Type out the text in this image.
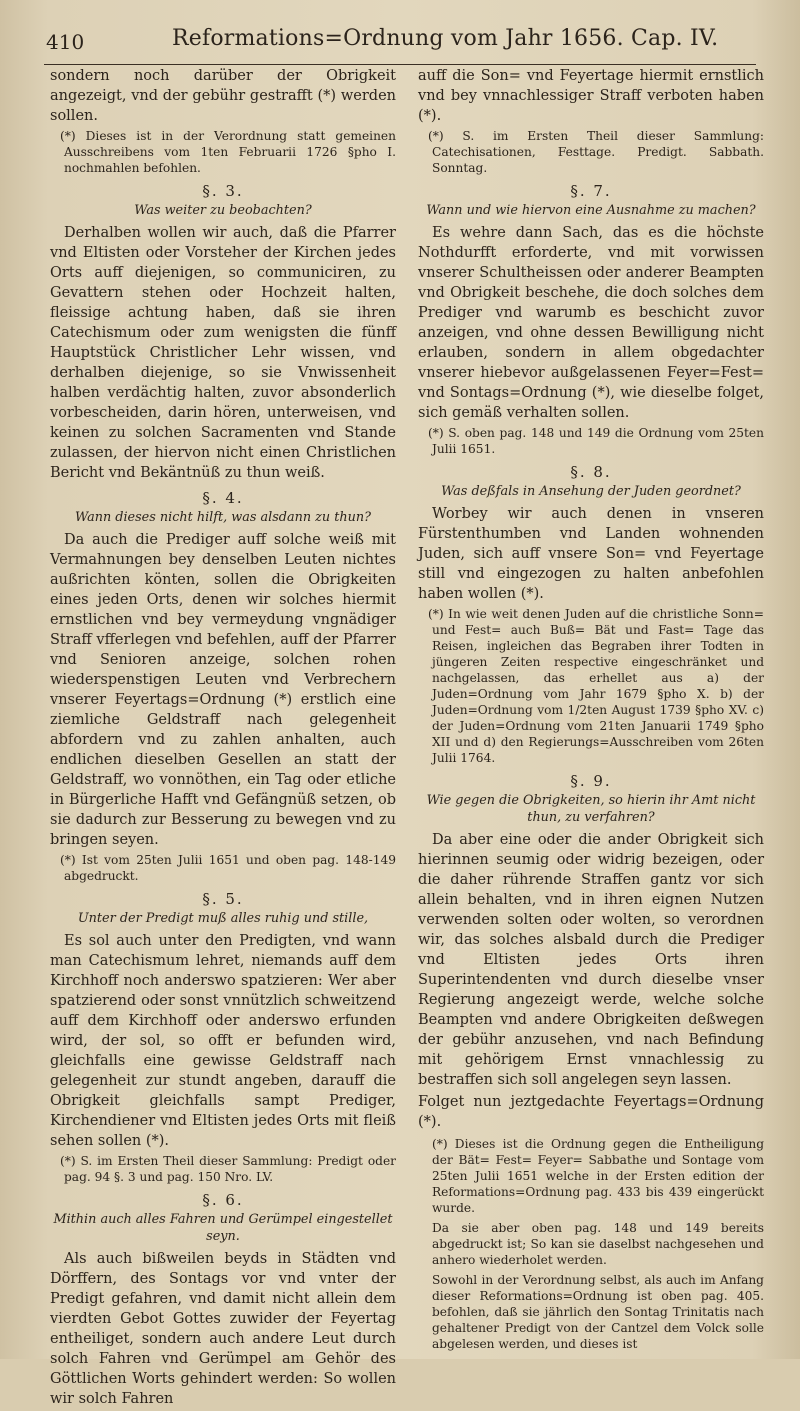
410	Reformations=Ordnung vom Jahr 1656. Cap. IV.
sondern noch darüber der Obrigkeit angezeigt, vnd der gebühr gestrafft (*) werden sollen.
(*) Dieses ist in der Verordnung statt gemeinen Ausschreibens vom 1ten Februarii 1726 §pho I. nochmahlen befohlen.
§. 3.
Was weiter zu beobachten?
Derhalben wollen wir auch, daß die Pfarrer vnd Eltisten oder Vorsteher der Kirchen jedes Orts auff diejenigen, so communiciren, zu Gevattern stehen oder Hochzeit halten, fleissige achtung haben, daß sie ihren Catechismum oder zum wenigsten die fünff Hauptstück Christlicher Lehr wissen, vnd derhalben diejenige, so sie Vnwissenheit halben verdächtig halten, zuvor absonderlich vorbescheiden, darin hören, unterweisen, vnd keinen zu solchen Sacramenten vnd Stande zulassen, der hiervon nicht einen Christlichen Bericht vnd Bekäntnüß zu thun weiß.
§. 4.
Wann dieses nicht hilft, was alsdann zu thun?
Da auch die Prediger auff solche weiß mit Vermahnungen bey denselben Leuten nichtes außrichten könten, sollen die Obrigkeiten eines jeden Orts, denen wir solches hiermit ernstlichen vnd bey vermeydung vngnädiger Straff vfferlegen vnd befehlen, auff der Pfarrer vnd Senioren anzeige, solchen rohen wiederspenstigen Leuten vnd Verbrechern vnserer Feyertags=Ordnung (*) erstlich eine ziemliche Geldstraff nach gelegenheit abfordern vnd zu zahlen anhalten, auch endlichen dieselben Gesellen an statt der Geldstraff, wo vonnöthen, ein Tag oder etliche in Bürgerliche Hafft vnd Gefängnüß setzen, ob sie dadurch zur Besserung zu bewegen vnd zu bringen seyen.
(*) Ist vom 25ten Julii 1651 und oben pag. 148-149 abgedruckt.
§. 5.
Unter der Predigt muß alles ruhig und stille,
Es sol auch unter den Predigten, vnd wann man Catechismum lehret, niemands auff dem Kirchhoff noch anderswo spatzieren: Wer aber spatzierend oder sonst vnnützlich schweitzend auff dem Kirchhoff oder anderswo erfunden wird, der sol, so offt er befunden wird, gleichfalls eine gewisse Geldstraff nach gelegenheit zur stundt angeben, darauff die Obrigkeit gleichfalls sampt Prediger, Kirchendiener vnd Eltisten jedes Orts mit fleiß sehen sollen (*).
(*) S. im Ersten Theil dieser Sammlung: Predigt oder pag. 94 §. 3 und pag. 150 Nro. LV.
§. 6.
Mithin auch alles Fahren und Gerümpel eingestellet seyn.
Als auch bißweilen beyds in Städten vnd Dörffern, des Sontags vor vnd vnter der Predigt gefahren, vnd damit nicht allein dem vierdten Gebot Gottes zuwider der Feyertag entheiliget, sondern auch andere Leut durch solch Fahren vnd Gerümpel am Gehör des Göttlichen Worts gehindert werden: So wollen wir solch Fahren
auff die Son= vnd Feyertage hiermit ernstlich vnd bey vnnachlessiger Straff verboten haben (*).
(*) S. im Ersten Theil dieser Sammlung: Catechisationen, Festtage. Predigt. Sabbath. Sonntag.
§. 7.
Wann und wie hiervon eine Ausnahme zu machen?
Es wehre dann Sach, das es die höchste Nothdurfft erforderte, vnd mit vorwissen vnserer Schultheissen oder anderer Beampten vnd Obrigkeit beschehe, die doch solches dem Prediger vnd warumb es beschicht zuvor anzeigen, vnd ohne dessen Bewilligung nicht erlauben, sondern in allem obgedachter vnserer hiebevor außgelassenen Feyer=Fest= vnd Sontags=Ordnung (*), wie dieselbe folget, sich gemäß verhalten sollen.
(*) S. oben pag. 148 und 149 die Ordnung vom 25ten Julii 1651.
§. 8.
Was deßfals in Ansehung der Juden geordnet?
Worbey wir auch denen in vnseren Fürstenthumben vnd Landen wohnenden Juden, sich auff vnsere Son= vnd Feyertage still vnd eingezogen zu halten anbefohlen haben wollen (*).
(*) In wie weit denen Juden auf die christliche Sonn= und Fest= auch Buß= Bät und Fast= Tage das Reisen, ingleichen das Begraben ihrer Todten in jüngeren Zeiten respective eingeschränket und nachgelassen, das erhellet aus a) der Juden=Ordnung vom Jahr 1679 §pho X. b) der Juden=Ordnung vom 1/2ten August 1739 §pho XV. c) der Juden=Ordnung vom 21ten Januarii 1749 §pho XII und d) den Regierungs=Ausschreiben vom 26ten Julii 1764.
§. 9.
Wie gegen die Obrigkeiten, so hierin ihr Amt nicht thun, zu verfahren?
Da aber eine oder die ander Obrigkeit sich hierinnen seumig oder widrig bezeigen, oder die daher rührende Straffen gantz vor sich allein behalten, vnd in ihren eignen Nutzen verwenden solten oder wolten, so verordnen wir, das solches alsbald durch die Prediger vnd Eltisten jedes Orts ihren Superintendenten vnd durch dieselbe vnser Regierung angezeigt werde, welche solche Beampten vnd andere Obrigkeiten deßwegen der gebühr anzusehen, vnd nach Befindung mit gehörigem Ernst vnnachlessig zu bestraffen sich soll angelegen seyn lassen.
Folget nun jeztgedachte Feyertags=Ordnung (*).
(*) Dieses ist die Ordnung gegen die Entheiligung der Bät= Fest= Feyer= Sabbathe und Sontage vom 25ten Julii 1651 welche in der Ersten edition der Reformations=Ordnung pag. 433 bis 439 eingerückt wurde.
Da sie aber oben pag. 148 und 149 bereits abgedruckt ist; So kan sie daselbst nachgesehen und anhero wiederholet werden.
Sowohl in der Verordnung selbst, als auch im Anfang dieser Reformations=Ordnung ist oben pag. 405. befohlen, daß sie jährlich den Sontag Trinitatis nach gehaltener Predigt von der Cantzel dem Volck solle abgelesen werden, und dieses ist
